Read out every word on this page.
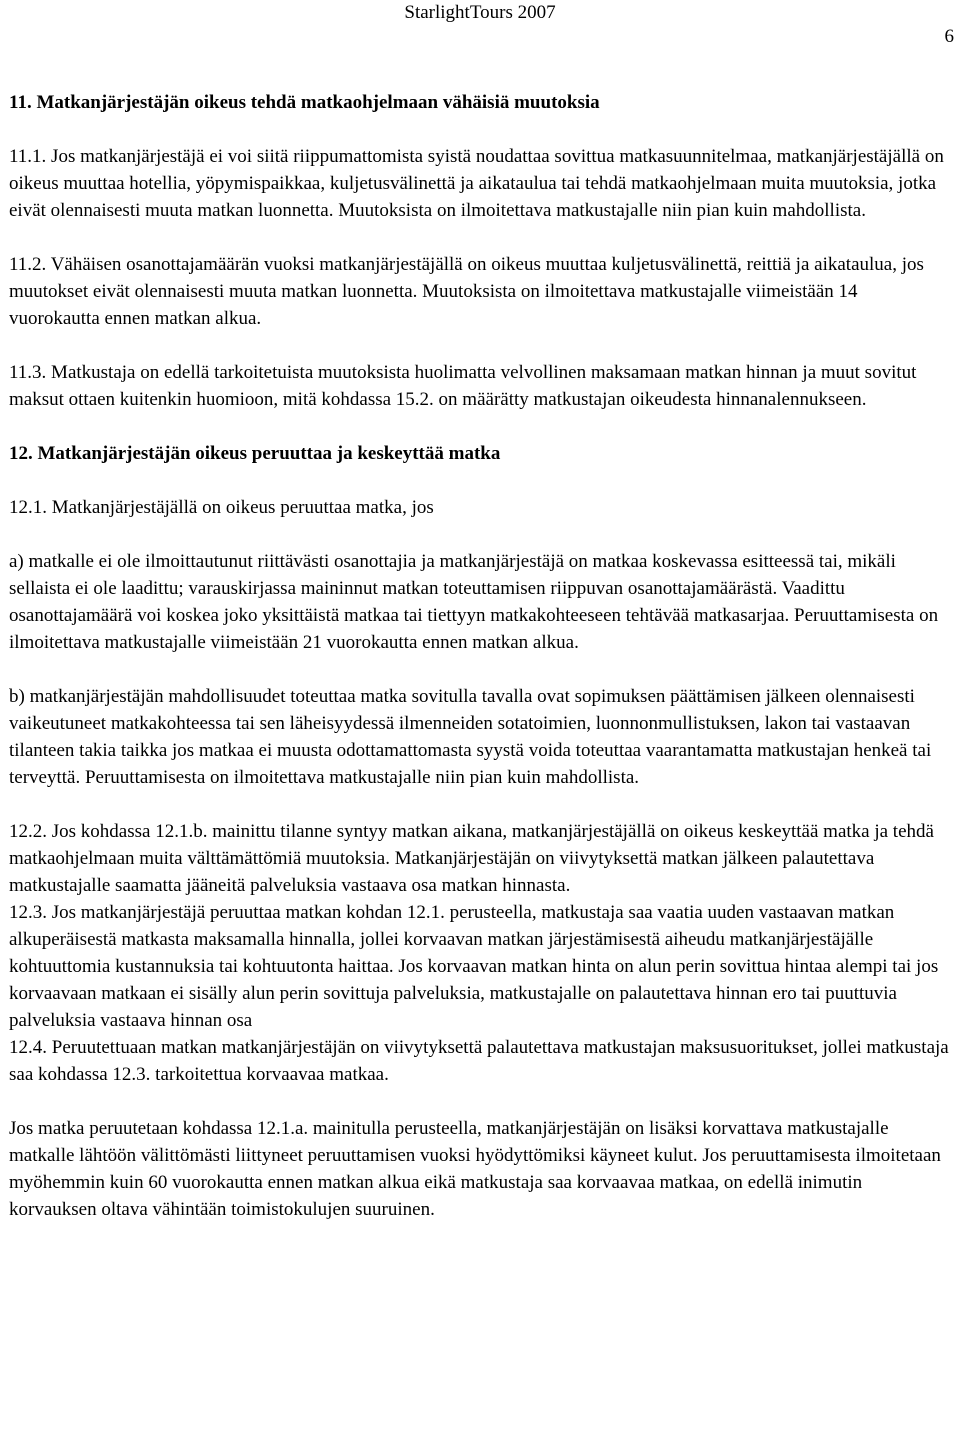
StarlightTours 2007
6
11. Matkanjärjestäjän oikeus tehdä matkaohjelmaan vähäisiä muutoksia

11.1. Jos matkanjärjestäjä ei voi siitä riippumattomista syistä noudattaa sovittua matkasuunnitelmaa, matkanjärjestäjällä on oikeus muuttaa hotellia, yöpymispaikkaa, kuljetusvälinettä ja aikataulua tai tehdä matkaohjelmaan muita muutoksia, jotka eivät olennaisesti muuta matkan luonnetta. Muutoksista on ilmoitettava matkustajalle niin pian kuin mahdollista.

11.2. Vähäisen osanottajamäärän vuoksi matkanjärjestäjällä on oikeus muuttaa kuljetusvälinettä, reittiä ja aikataulua, jos muutokset eivät olennaisesti muuta matkan luonnetta. Muutoksista on ilmoitettava matkustajalle viimeistään 14 vuorokautta ennen matkan alkua.

11.3. Matkustaja on edellä tarkoitetuista muutoksista huolimatta velvollinen maksamaan matkan hinnan ja muut sovitut maksut ottaen kuitenkin huomioon, mitä kohdassa 15.2. on määrätty matkustajan oikeudesta hinnanalennukseen.

12. Matkanjärjestäjän oikeus peruuttaa ja keskeyttää matka

12.1. Matkanjärjestäjällä on oikeus peruuttaa matka, jos

a) matkalle ei ole ilmoittautunut riittävästi osanottajia ja matkanjärjestäjä on matkaa koskevassa esitteessä tai, mikäli sellaista ei ole laadittu; varauskirjassa maininnut matkan toteuttamisen riippuvan osanottajamäärästä. Vaadittu osanottajamäärä voi koskea joko yksittäistä matkaa tai tiettyyn matkakohteeseen tehtävää matkasarjaa. Peruuttamisesta on ilmoitettava matkustajalle viimeistään 21 vuorokautta ennen matkan alkua.

b) matkanjärjestäjän mahdollisuudet toteuttaa matka sovitulla tavalla ovat sopimuksen päättämisen jälkeen olennaisesti vaikeutuneet matkakohteessa tai sen läheisyydessä ilmenneiden sotatoimien, luonnonmullistuksen, lakon tai vastaavan tilanteen takia taikka jos matkaa ei muusta odottamattomasta syystä voida toteuttaa vaarantamatta matkustajan henkeä tai terveyttä. Peruuttamisesta on ilmoitettava matkustajalle niin pian kuin mahdollista.

12.2. Jos kohdassa 12.1.b. mainittu tilanne syntyy matkan aikana, matkanjärjestäjällä on oikeus keskeyttää matka ja tehdä matkaohjelmaan muita välttämättömiä muutoksia. Matkanjärjestäjän on viivytyksettä matkan jälkeen palautettava matkustajalle saamatta jääneitä palveluksia vastaava osa matkan hinnasta.

12.3. Jos matkanjärjestäjä peruuttaa matkan kohdan 12.1. perusteella, matkustaja saa vaatia uuden vastaavan matkan alkuperäisestä matkasta maksamalla hinnalla, jollei korvaavan matkan järjestämisestä aiheudu matkanjärjestäjälle kohtuuttomia kustannuksia tai kohtuutonta haittaa. Jos korvaavan matkan hinta on alun perin sovittua hintaa alempi tai jos korvaavaan matkaan ei sisälly alun perin sovittuja palveluksia, matkustajalle on palautettava hinnan ero tai puuttuvia palveluksia vastaava hinnan osa

12.4. Peruutettuaan matkan matkanjärjestäjän on viivytyksettä palautettava matkustajan maksusuoritukset, jollei matkustaja saa kohdassa 12.3. tarkoitettua korvaavaa matkaa.

Jos matka peruutetaan kohdassa 12.1.a. mainitulla perusteella, matkanjärjestäjän on lisäksi korvattava matkustajalle matkalle lähtöön välittömästi liittyneet peruuttamisen vuoksi hyödyttömiksi käyneet kulut. Jos peruuttamisesta ilmoitetaan myöhemmin kuin 60 vuorokautta ennen matkan alkua eikä matkustaja saa korvaavaa matkaa, on edellä inimutin korvauksen oltava vähintään toimistokulujen suuruinen.
